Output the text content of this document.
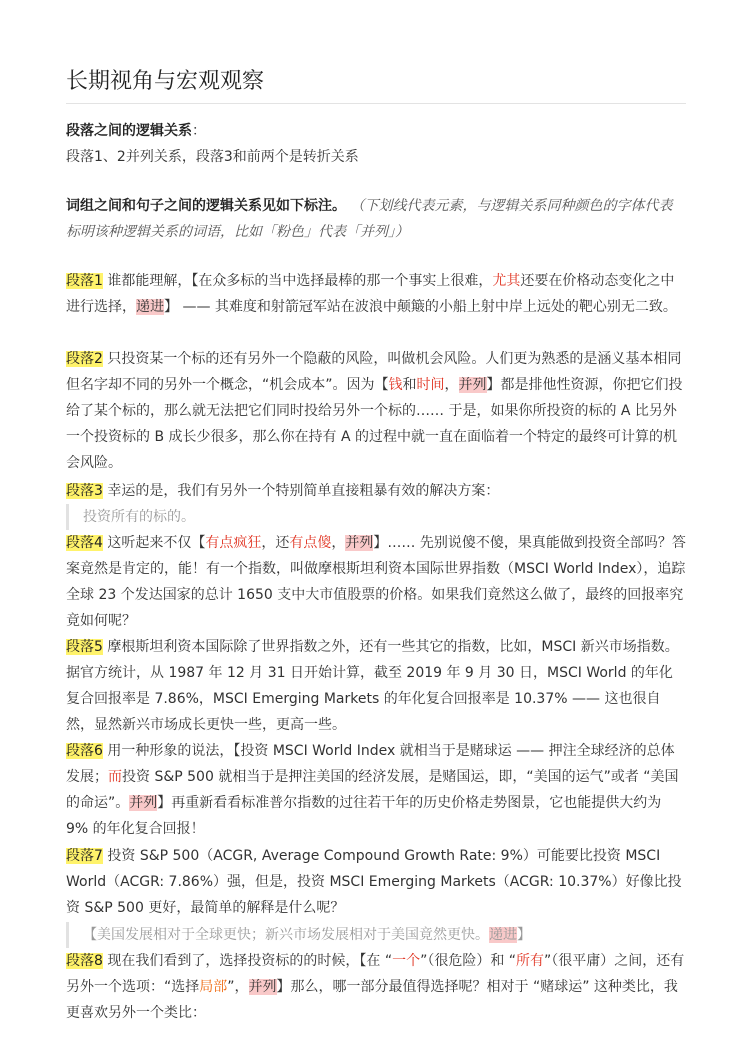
长期视角与宏观观察
段落之间的逻辑关系：
段落1、2并列关系，段落3和前两个是转折关系
词组之间和句子之间的逻辑关系见如下标注。 （下划线代表元素，与逻辑关系同种颜色的字体代表标明该种逻辑关系的词语，比如「粉色」代表「并列」）
段落1 谁都能理解，【在众多标的当中选择最棒的那一个事实上很难，尤其还要在价格动态变化之中进行选择，递进】 —— 其难度和射箭冠军站在波浪中颠簸的小船上射中岸上远处的靶心别无二致。
段落2 只投资某一个标的还有另外一个隐蔽的风险，叫做机会风险。人们更为熟悉的是涵义基本相同但名字却不同的另外一个概念，“机会成本”。因为【钱和时间，并列】都是排他性资源，你把它们投给了某个标的，那么就无法把它们同时投给另外一个标的…… 于是，如果你所投资的标的 A 比另外一个投资标的 B 成长少很多，那么你在持有 A 的过程中就一直在面临着一个特定的最终可计算的机会风险。
段落3 幸运的是，我们有另外一个特别简单直接粗暴有效的解决方案：
投资所有的标的。
段落4 这听起来不仅【有点疯狂，还有点傻，并列】…… 先别说傻不傻，果真能做到投资全部吗？答案竟然是肯定的，能！有一个指数，叫做摩根斯坦利资本国际世界指数（MSCI World Index），追踪全球 23 个发达国家的总计 1650 支中大市值股票的价格。如果我们竟然这么做了，最终的回报率究竟如何呢？
段落5 摩根斯坦利资本国际除了世界指数之外，还有一些其它的指数，比如，MSCI 新兴市场指数。据官方统计，从 1987 年 12 月 31 日开始计算，截至 2019 年 9 月 30 日，MSCI World 的年化复合回报率是 7.86%，MSCI Emerging Markets 的年化复合回报率是 10.37% —— 这也很自然，显然新兴市场成长更快一些，更高一些。
段落6 用一种形象的说法，【投资 MSCI World Index 就相当于是赌球运 —— 押注全球经济的总体发展；而投资 S&P 500 就相当于是押注美国的经济发展，是赌国运，即，“美国的运气”或者 “美国的命运”。并列】再重新看看标准普尔指数的过往若干年的历史价格走势图景，它也能提供大约为 9% 的年化复合回报！
段落7 投资 S&P 500（ACGR, Average Compound Growth Rate: 9%）可能要比投资 MSCI World（ACGR: 7.86%）强，但是，投资 MSCI Emerging Markets（ACGR: 10.37%）好像比投资 S&P 500 更好，最简单的解释是什么呢？
【美国发展相对于全球更快；新兴市场发展相对于美国竟然更快。递进】
段落8 现在我们看到了，选择投资标的的时候，【在 “一个”（很危险）和 “所有”（很平庸）之间，还有另外一个选项：“选择局部”，并列】那么，哪一部分最值得选择呢？相对于 “赌球运” 这种类比，我更喜欢另外一个类比：
